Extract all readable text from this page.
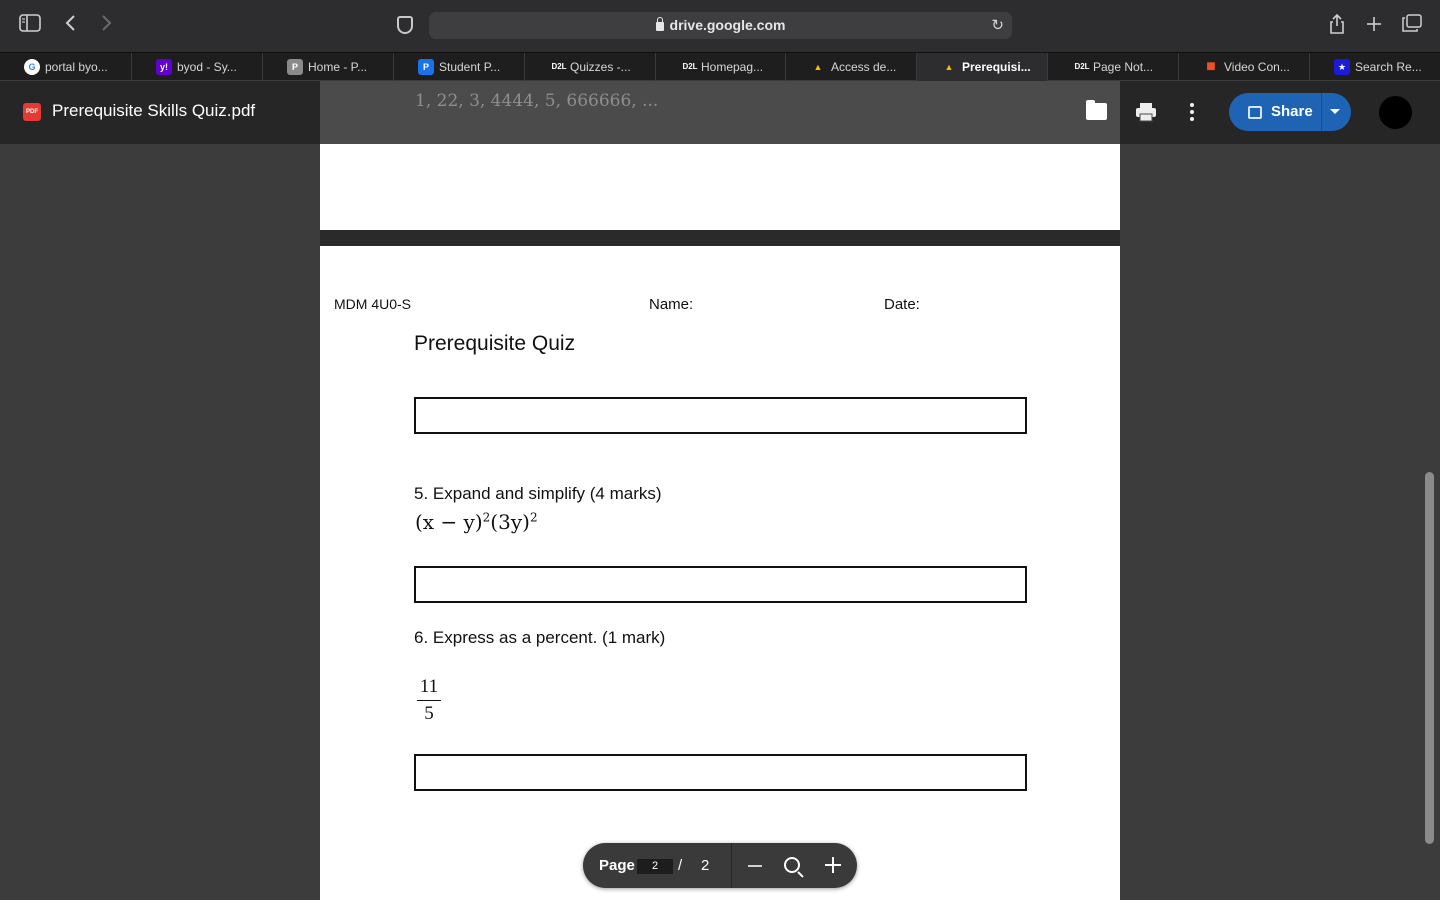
drive.google.com	↻
G portal byo...	y! byod - Sy...	P Home - P...	P Student P...	D2L Quizzes -...	D2L Homepag...	▲ Access de...	▲ Prerequisi...	D2L Page Not...	■ Video Con...	★ Search Re...
PDF Prerequisite Skills Quiz.pdf	1, 22, 3, 4444, 5, 666666, ...
Share
MDM 4U0-S	Name:	Date:
Prerequisite Quiz
5. Expand and simplify (4 marks)
$(x - y)^2(3y)^2$
6. Express as a percent. (1 mark)
$\frac{11}{5}$
Page	2	/ 2
